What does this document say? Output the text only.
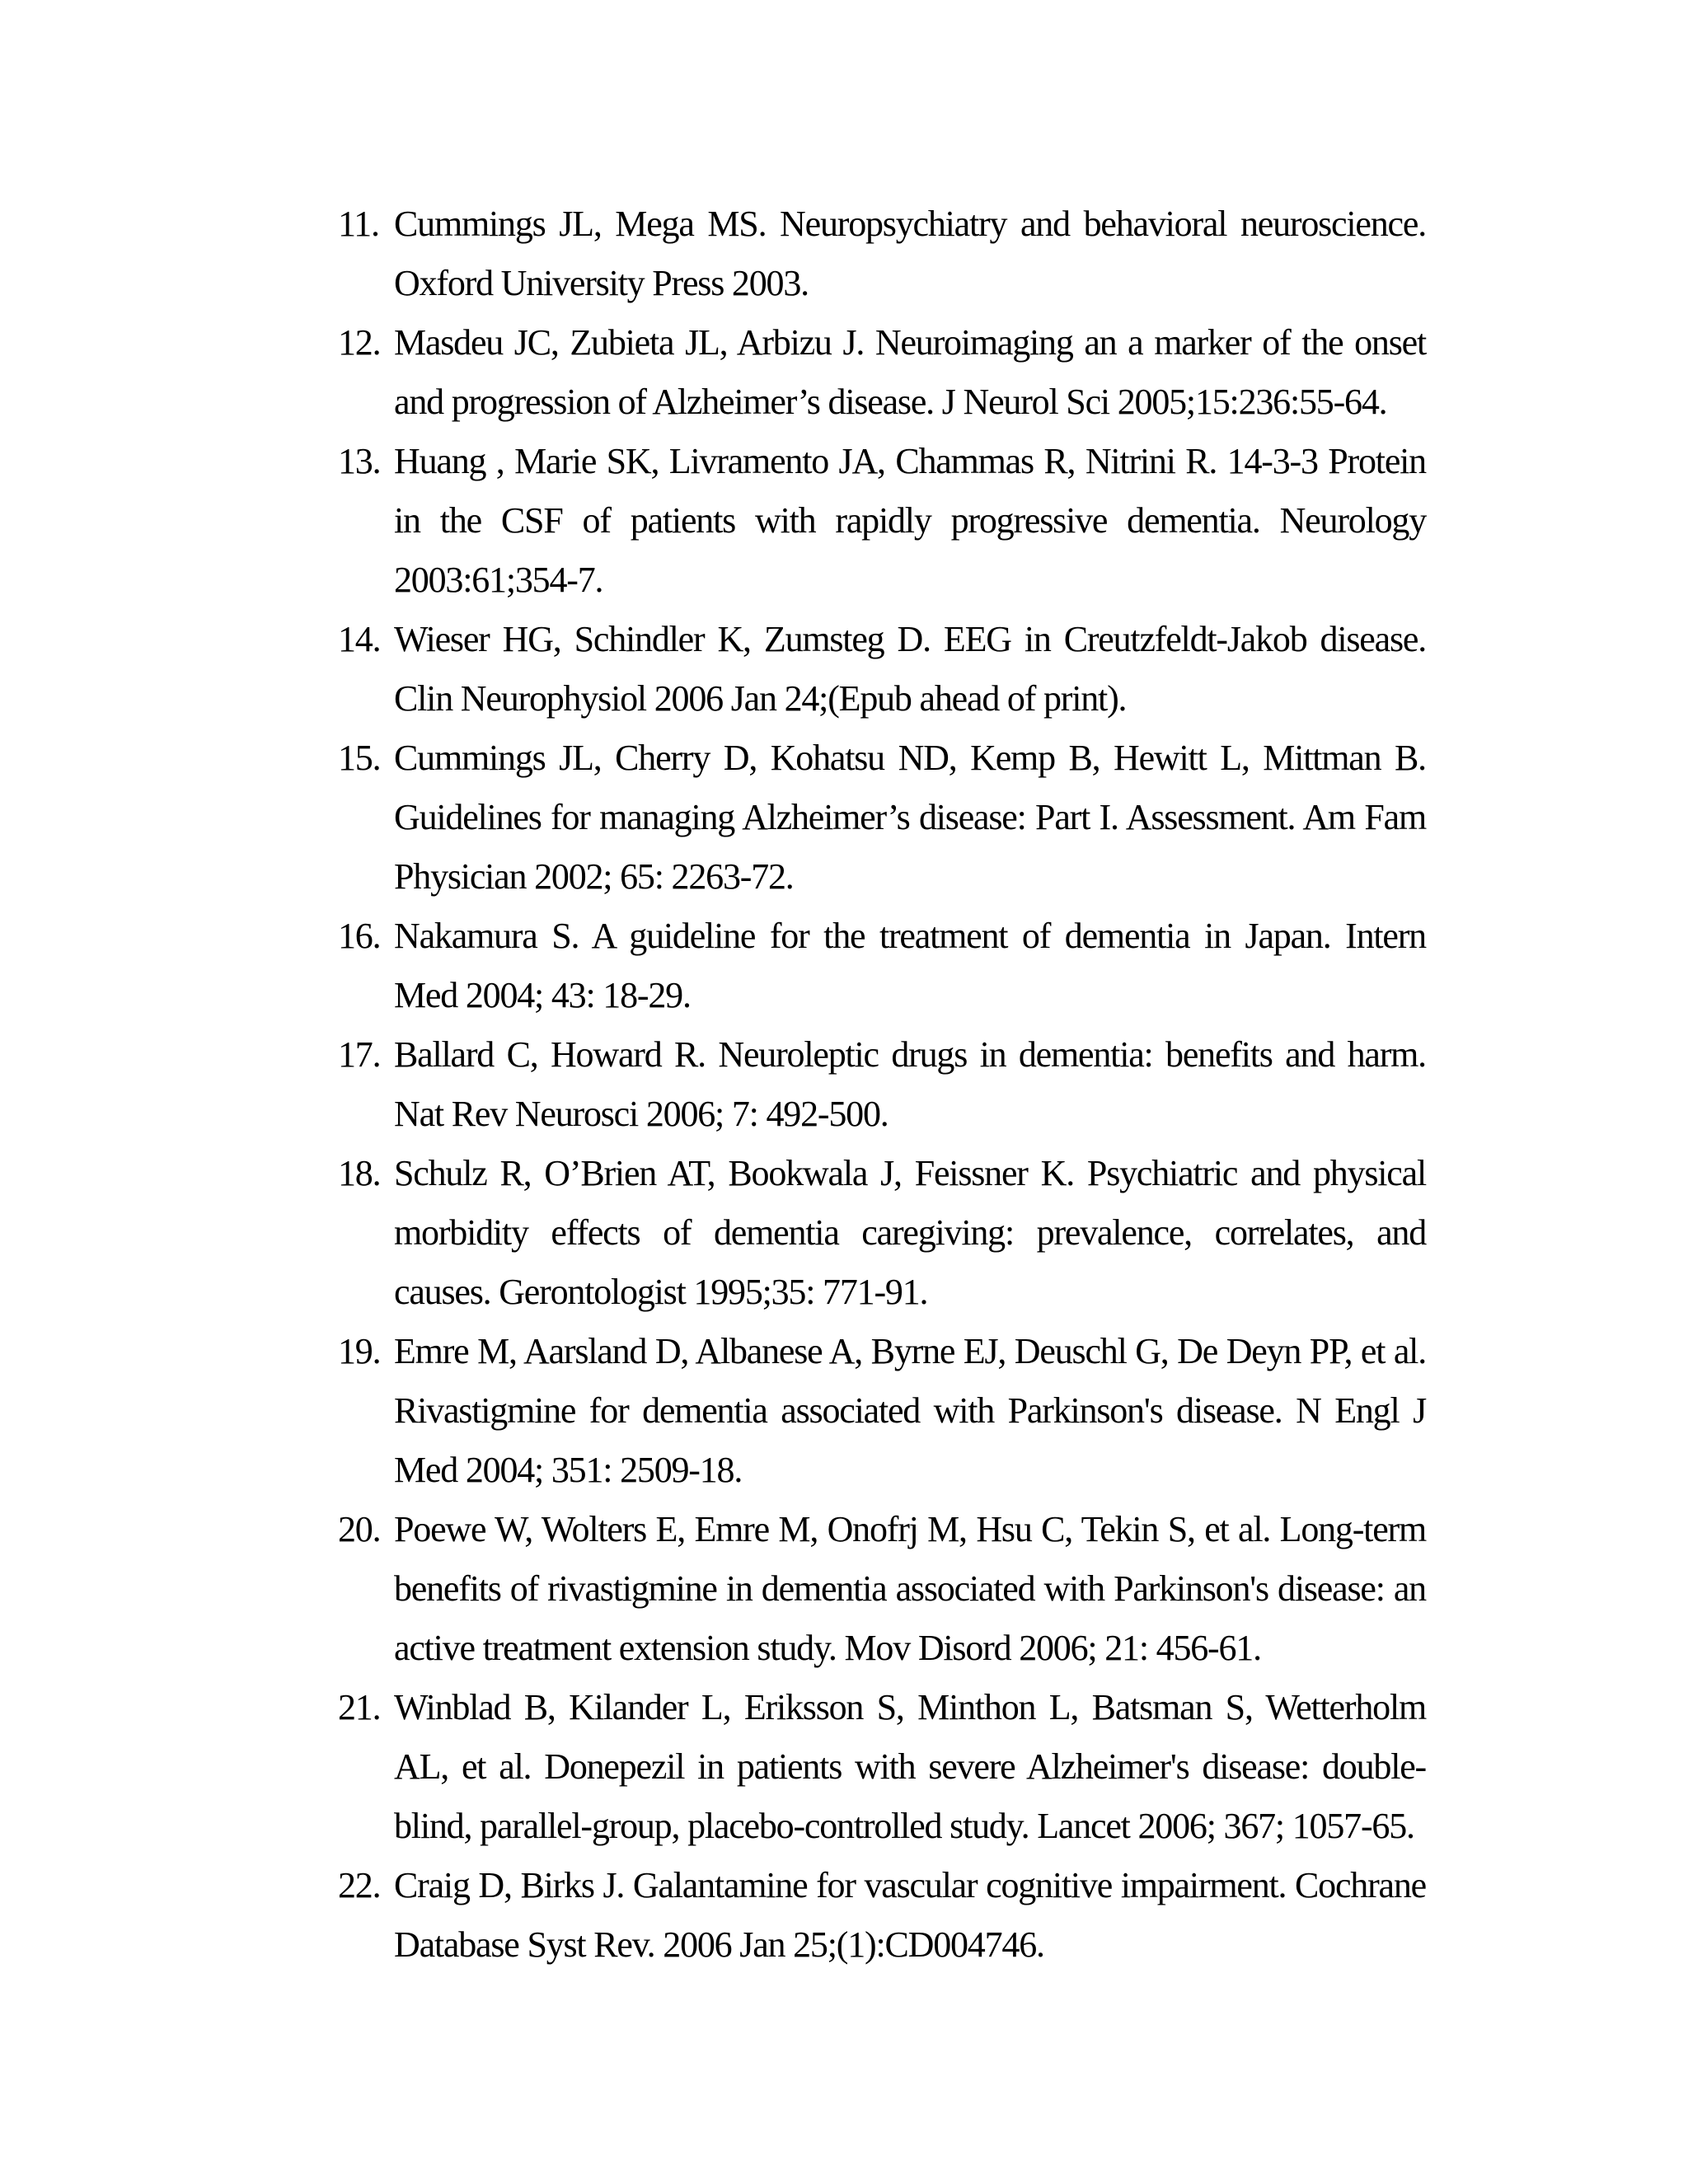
11. Cummings JL, Mega MS. Neuropsychiatry and behavioral neuroscience. Oxford University Press 2003.
12. Masdeu JC, Zubieta JL, Arbizu J. Neuroimaging an a marker of the onset and progression of Alzheimer’s disease. J Neurol Sci 2005;15:236:55-64.
13. Huang , Marie SK, Livramento JA, Chammas R, Nitrini R. 14-3-3 Protein in the CSF of patients with rapidly progressive dementia. Neurology 2003:61;354-7.
14. Wieser HG, Schindler K, Zumsteg D. EEG in Creutzfeldt-Jakob disease. Clin Neurophysiol 2006 Jan 24;(Epub ahead of print).
15. Cummings JL, Cherry D, Kohatsu ND, Kemp B, Hewitt L, Mittman B. Guidelines for managing Alzheimer’s disease: Part I. Assessment. Am Fam Physician 2002; 65: 2263-72.
16. Nakamura S. A guideline for the treatment of dementia in Japan. Intern Med 2004; 43: 18-29.
17. Ballard C, Howard R. Neuroleptic drugs in dementia: benefits and harm. Nat Rev Neurosci 2006; 7: 492-500.
18. Schulz R, O’Brien AT, Bookwala J, Feissner K. Psychiatric and physical morbidity effects of dementia caregiving: prevalence, correlates, and causes. Gerontologist 1995;35: 771-91.
19. Emre M, Aarsland D, Albanese A, Byrne EJ, Deuschl G, De Deyn PP, et al. Rivastigmine for dementia associated with Parkinson's disease. N Engl J Med 2004; 351: 2509-18.
20. Poewe W, Wolters E, Emre M, Onofrj M, Hsu C, Tekin S, et al. Long-term benefits of rivastigmine in dementia associated with Parkinson's disease: an active treatment extension study. Mov Disord 2006; 21: 456-61.
21. Winblad B, Kilander L, Eriksson S, Minthon L, Batsman S, Wetterholm AL, et al. Donepezil in patients with severe Alzheimer's disease: double-blind, parallel-group, placebo-controlled study. Lancet 2006; 367; 1057-65.
22. Craig D, Birks J. Galantamine for vascular cognitive impairment. Cochrane Database Syst Rev. 2006 Jan 25;(1):CD004746.
